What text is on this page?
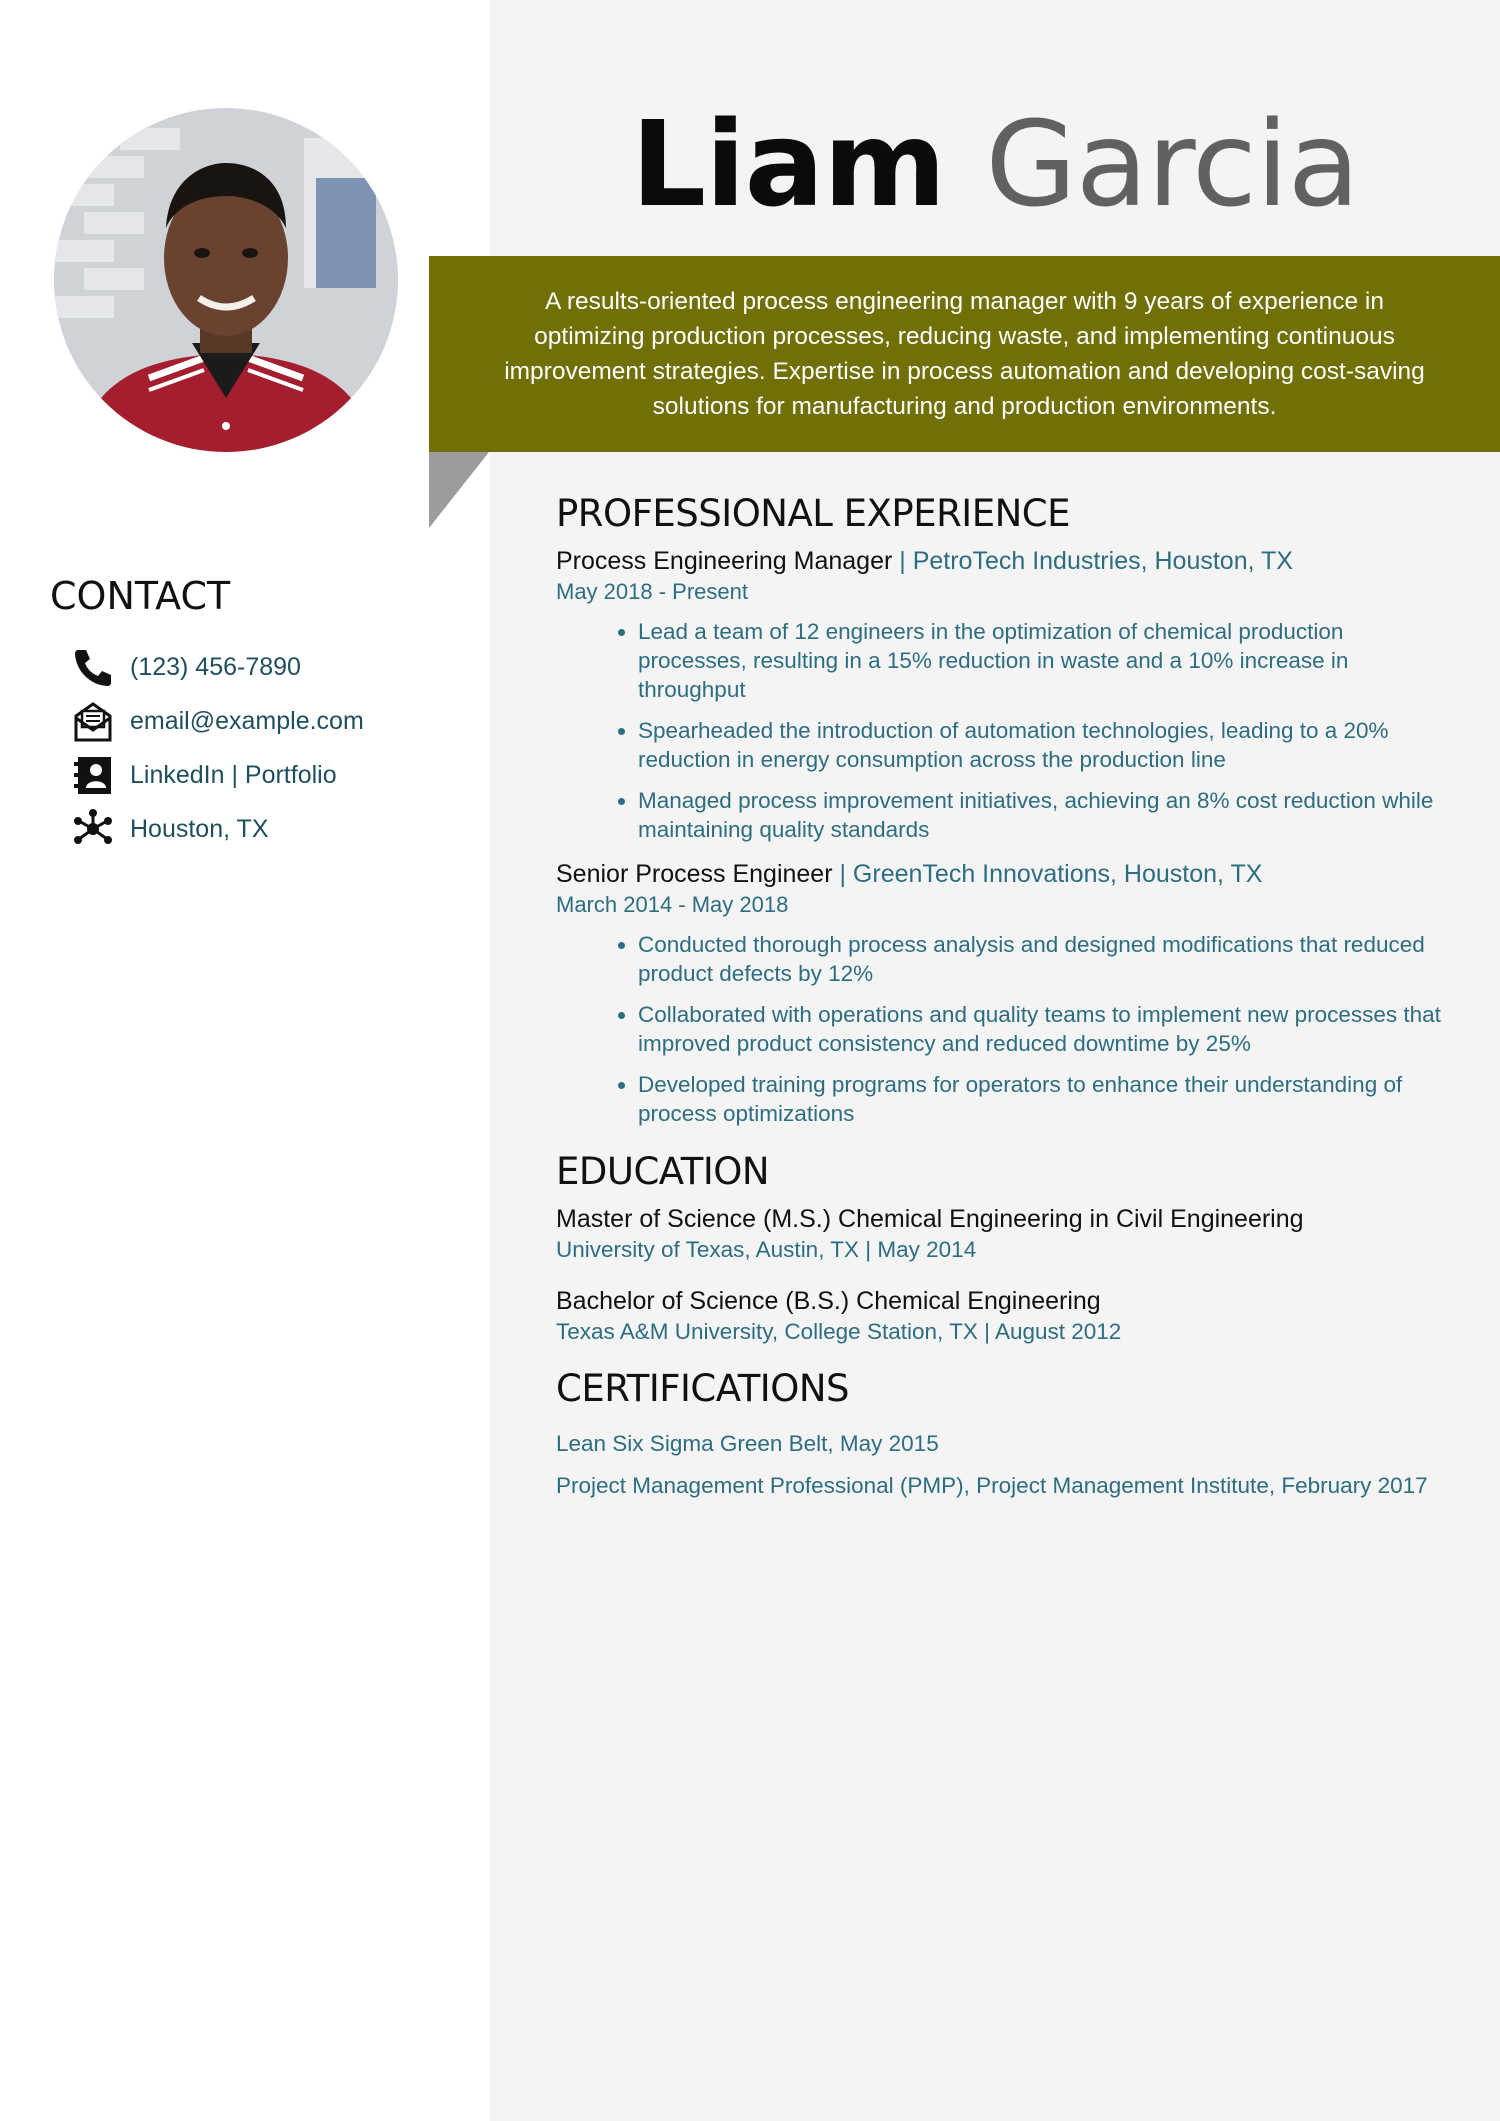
Liam Garcia

A results-oriented process engineering manager with 9 years of experience in optimizing production processes, reducing waste, and implementing continuous improvement strategies. Expertise in process automation and developing cost-saving solutions for manufacturing and production environments.

CONTACT
(123) 456-7890
email@example.com
LinkedIn | Portfolio
Houston, TX
PROFESSIONAL EXPERIENCE
Process Engineering Manager | PetroTech Industries, Houston, TX
May 2018 - Present
• Lead a team of 12 engineers in the optimization of chemical production processes, resulting in a 15% reduction in waste and a 10% increase in throughput
• Spearheaded the introduction of automation technologies, leading to a 20% reduction in energy consumption across the production line
• Managed process improvement initiatives, achieving an 8% cost reduction while maintaining quality standards
Senior Process Engineer | GreenTech Innovations, Houston, TX
March 2014 - May 2018
• Conducted thorough process analysis and designed modifications that reduced product defects by 12%
• Collaborated with operations and quality teams to implement new processes that improved product consistency and reduced downtime by 25%
• Developed training programs for operators to enhance their understanding of process optimizations
EDUCATION
Master of Science (M.S.) Chemical Engineering in Civil Engineering
University of Texas, Austin, TX | May 2014
Bachelor of Science (B.S.) Chemical Engineering
Texas A&M University, College Station, TX | August 2012
CERTIFICATIONS
Lean Six Sigma Green Belt, May 2015
Project Management Professional (PMP), Project Management Institute, February 2017
